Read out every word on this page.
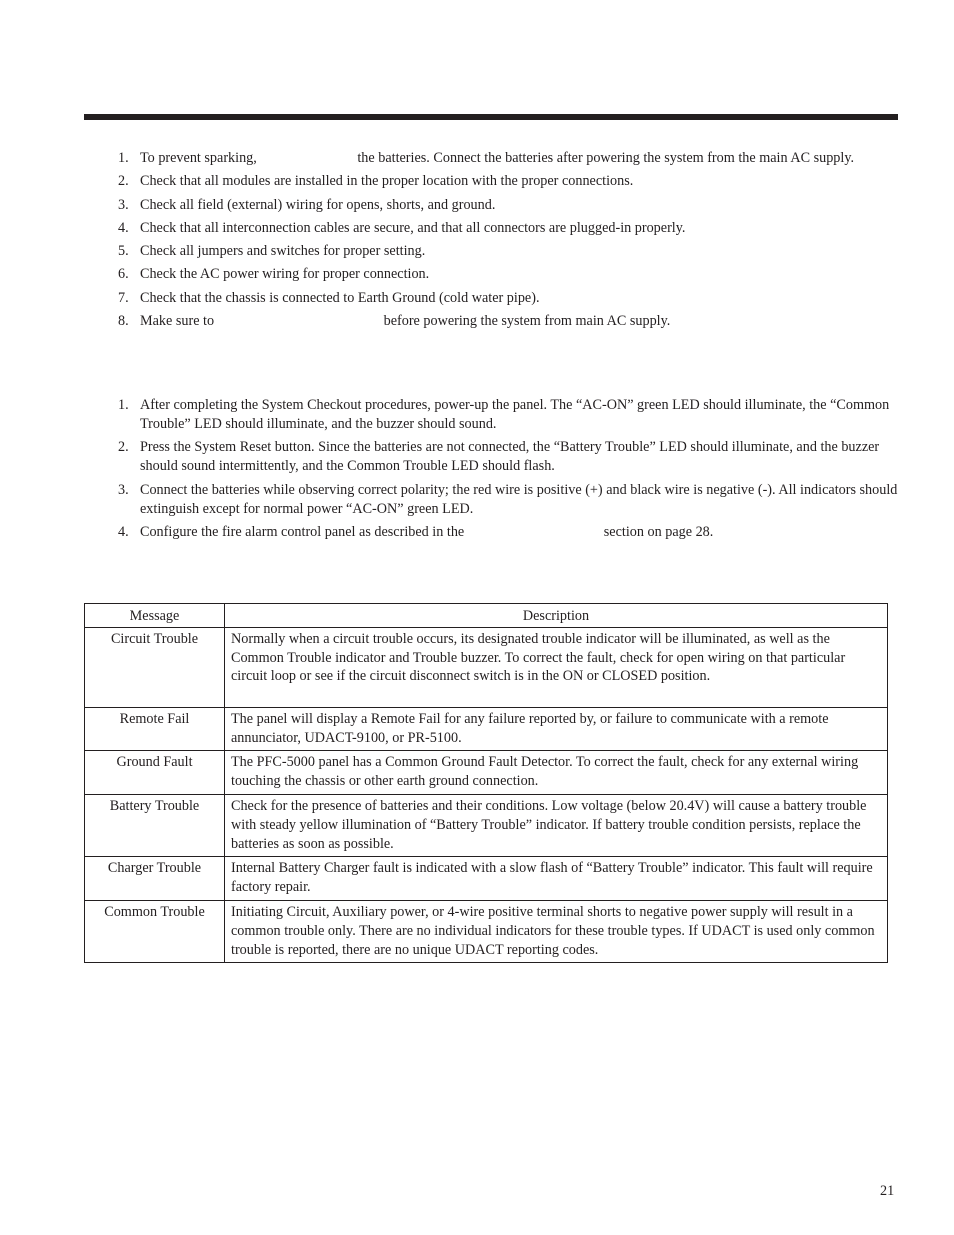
1. To prevent sparking,	the batteries. Connect the batteries after powering the system from the main AC supply.
2. Check that all modules are installed in the proper location with the proper connections.
3. Check all field (external) wiring for opens, shorts, and ground.
4. Check that all interconnection cables are secure, and that all connectors are plugged-in properly.
5. Check all jumpers and switches for proper setting.
6. Check the AC power wiring for proper connection.
7. Check that the chassis is connected to Earth Ground (cold water pipe).
8. Make sure to	before powering the system from main AC supply.
1. After completing the System Checkout procedures, power-up the panel. The “AC-ON” green LED should illuminate, the “Common Trouble” LED should illuminate, and the buzzer should sound.
2. Press the System Reset button. Since the batteries are not connected, the “Battery Trouble” LED should illuminate, and the buzzer should sound intermittently, and the Common Trouble LED should flash.
3. Connect the batteries while observing correct polarity; the red wire is positive (+) and black wire is negative (-). All indicators should extinguish except for normal power “AC-ON” green LED.
4. Configure the fire alarm control panel as described in the	section on page 28.
Message	Description
Circuit Trouble	Normally when a circuit trouble occurs, its designated trouble indicator will be illuminated, as well as the Common Trouble indicator and Trouble buzzer. To correct the fault, check for open wiring on that particular circuit loop or see if the circuit disconnect switch is in the ON or CLOSED position.
Remote Fail	The panel will display a Remote Fail for any failure reported by, or failure to communicate with a remote annunciator, UDACT-9100, or PR-5100.
Ground Fault	The PFC-5000 panel has a Common Ground Fault Detector. To correct the fault, check for any external wiring touching the chassis or other earth ground connection.
Battery Trouble	Check for the presence of batteries and their conditions. Low voltage (below 20.4V) will cause a battery trouble with steady yellow illumination of “Battery Trouble” indicator. If battery trouble condition persists, replace the batteries as soon as possible.
Charger Trouble	Internal Battery Charger fault is indicated with a slow flash of “Battery Trouble” indicator. This fault will require factory repair.
Common Trouble	Initiating Circuit, Auxiliary power, or 4-wire positive terminal shorts to negative power supply will result in a common trouble only. There are no individual indicators for these trouble types. If UDACT is used only common trouble is reported, there are no unique UDACT reporting codes.
21
